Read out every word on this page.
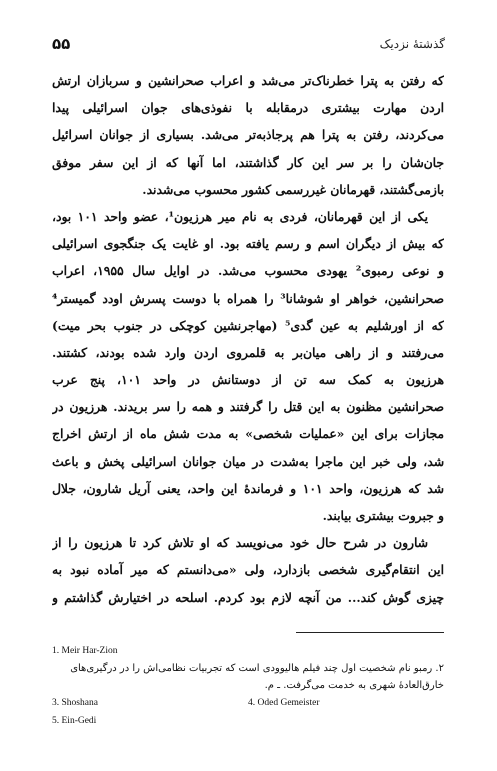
۵۵	گذشتهٔ نزدیک
که رفتن به پترا خطرناک‌تر می‌شد و اعراب صحرانشین و سربازان ارتش
اردن مهارت بیشتری درمقابله با نفوذی‌های جوان اسرائیلی پیدا
می‌کردند، رفتن به پترا هم پرجاذبه‌تر می‌شد. بسیاری از جوانان اسرائیل
جان‌شان را بر سر این کار گذاشتند، اما آنها که از این سفر موفق
بازمی‌گشتند، قهرمانان غیررسمی کشور محسوب می‌شدند.
یکی از این قهرمانان، فردی به نام میر هرزیون¹، عضو واحد ۱۰۱ بود،
که بیش از دیگران اسم و رسم یافته بود. او غایت یک جنگجوی اسرائیلی
و نوعی رمبوی² یهودی محسوب می‌شد. در اوایل سال ۱۹۵۵، اعراب
صحرانشین، خواهر او شوشانا³ را همراه با دوست پسرش اودد گمیستر⁴
که از اورشلیم به عین گدی⁵ (مهاجرنشین کوچکی در جنوب بحر میت)
می‌رفتند و از راهی میان‌بر به قلمروی اردن وارد شده بودند، کشتند.
هرزیون به کمک سه تن از دوستانش در واحد ۱۰۱، پنج عرب
صحرانشین مظنون به این قتل را گرفتند و همه را سر بریدند. هرزیون در
مجازات برای این «عملیات شخصی» به مدت شش ماه از ارتش اخراج
شد، ولی خبر این ماجرا به‌شدت در میان جوانان اسرائیلی پخش و باعث
شد که هرزیون، واحد ۱۰۱ و فرماندهٔ این واحد، یعنی آریل شارون، جلال
و جبروت بیشتری بیابند.
شارون در شرح حال خود می‌نویسد که او تلاش کرد تا هرزیون را از
این انتقام‌گیری شخصی بازدارد، ولی «می‌دانستم که میر آماده نبود به
چیزی گوش کند... من آنچه لازم بود کردم. اسلحه در اختیارش گذاشتم و
1. Meir Har-Zion
۲. رمبو نام شخصیت اول چند فیلم هالیوودی است که تجربیات نظامی‌اش را در درگیری‌های خارق‌العادهٔ شهری به خدمت می‌گرفت. ـ م.
3. Shoshana	4. Oded Gemeister
5. Ein-Gedi
